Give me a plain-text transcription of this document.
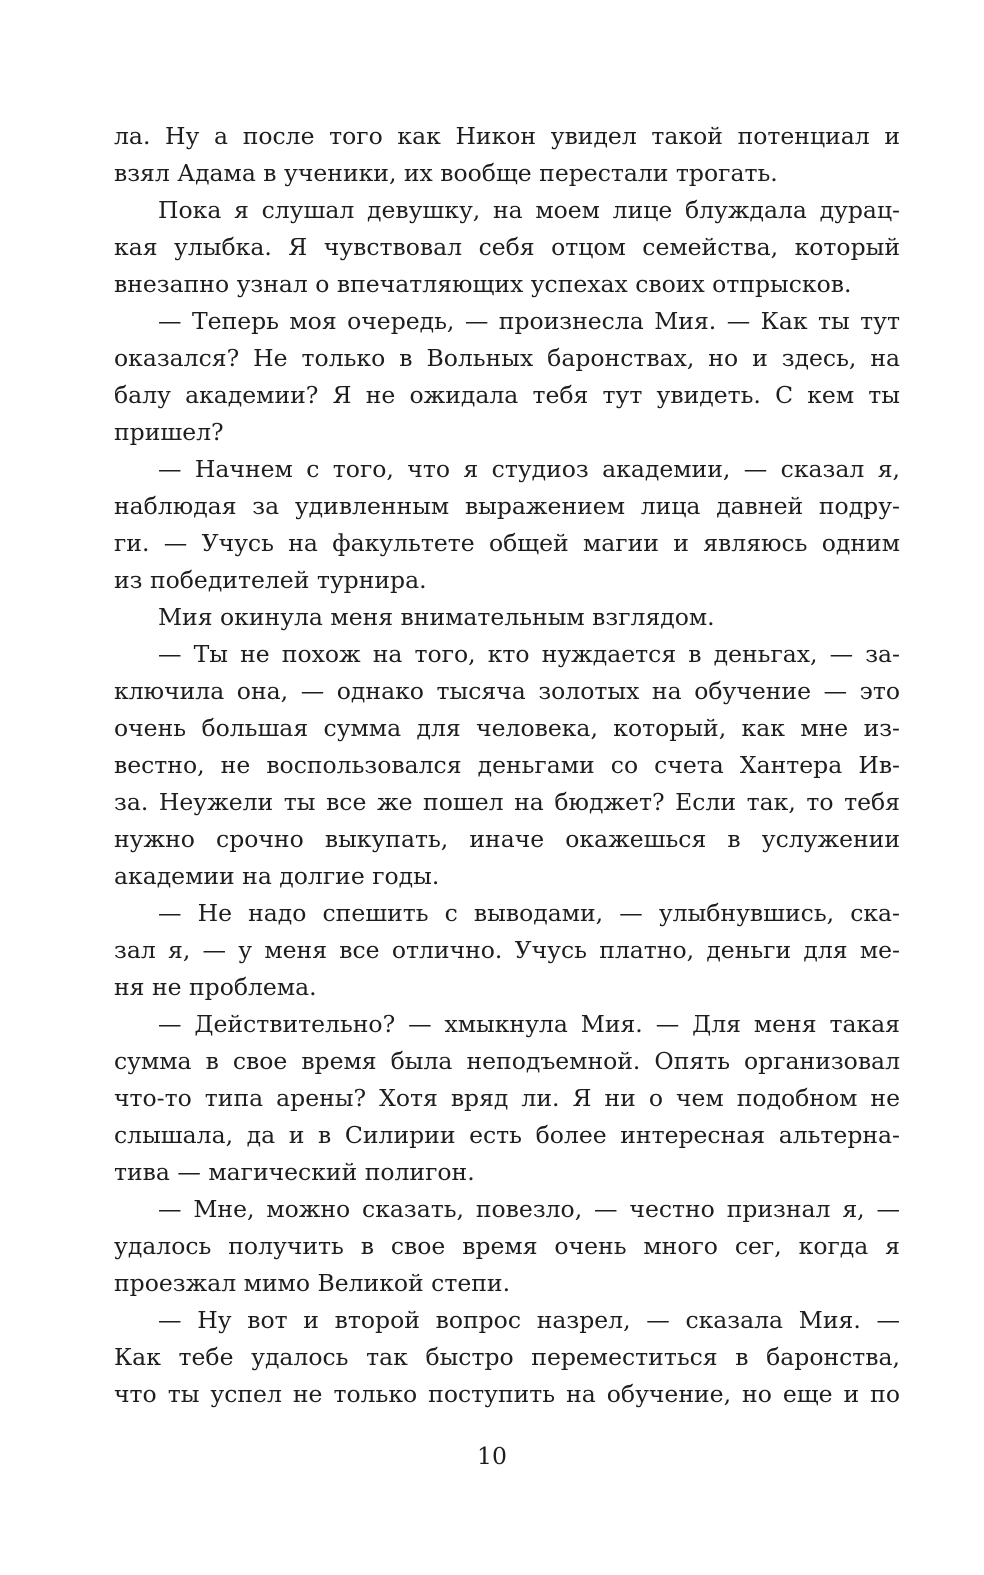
ла. Ну а после того как Никон увидел такой потенциал и
взял Адама в ученики, их вообще перестали трогать.
Пока я слушал девушку, на моем лице блуждала дурац-
кая улыбка. Я чувствовал себя отцом семейства, который
внезапно узнал о впечатляющих успехах своих отпрысков.
— Теперь моя очередь, — произнесла Мия. — Как ты тут
оказался? Не только в Вольных баронствах, но и здесь, на
балу академии? Я не ожидала тебя тут увидеть. С кем ты
пришел?
— Начнем с того, что я студиоз академии, — сказал я,
наблюдая за удивленным выражением лица давней подру-
ги. — Учусь на факультете общей магии и являюсь одним
из победителей турнира.
Мия окинула меня внимательным взглядом.
— Ты не похож на того, кто нуждается в деньгах, — за-
ключила она, — однако тысяча золотых на обучение — это
очень большая сумма для человека, который, как мне из-
вестно, не воспользовался деньгами со счета Хантера Ив-
за. Неужели ты все же пошел на бюджет? Если так, то тебя
нужно срочно выкупать, иначе окажешься в услужении
академии на долгие годы.
— Не надо спешить с выводами, — улыбнувшись, ска-
зал я, — у меня все отлично. Учусь платно, деньги для ме-
ня не проблема.
— Действительно? — хмыкнула Мия. — Для меня такая
сумма в свое время была неподъемной. Опять организовал
что-то типа арены? Хотя вряд ли. Я ни о чем подобном не
слышала, да и в Силирии есть более интересная альтерна-
тива — магический полигон.
— Мне, можно сказать, повезло, — честно признал я, —
удалось получить в свое время очень много сег, когда я
проезжал мимо Великой степи.
— Ну вот и второй вопрос назрел, — сказала Мия. —
Как тебе удалось так быстро переместиться в баронства,
что ты успел не только поступить на обучение, но еще и по
10
